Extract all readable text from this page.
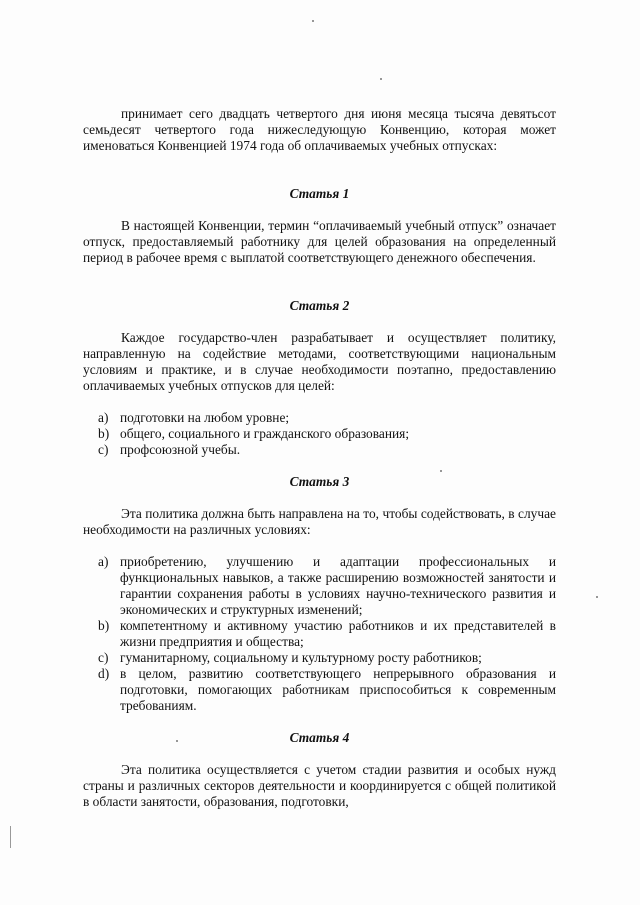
принимает сего двадцать четвертого дня июня месяца тысяча девятьсот семьдесят четвертого года нижеследующую Конвенцию, которая может именоваться Конвенцией 1974 года об оплачиваемых учебных отпусках:

Статья 1

В настоящей Конвенции, термин “оплачиваемый учебный отпуск” означает отпуск, предоставляемый работнику для целей образования на определенный период в рабочее время с выплатой соответствующего денежного обеспечения.

Статья 2

Каждое государство-член разрабатывает и осуществляет политику, направленную на содействие методами, соответствующими национальным условиям и практике, и в случае необходимости поэтапно, предоставлению оплачиваемых учебных отпусков для целей:

a) подготовки на любом уровне;
b) общего, социального и гражданского образования;
c) профсоюзной учебы.
Статья 3

Эта политика должна быть направлена на то, чтобы содействовать, в случае необходимости на различных условиях:

a) приобретению, улучшению и адаптации профессиональных и функциональных навыков, а также расширению возможностей занятости и гарантии сохранения работы в условиях научно-технического развития и экономических и структурных изменений;
b) компетентному и активному участию работников и их представителей в жизни предприятия и общества;
c) гуманитарному, социальному и культурному росту работников;
d) в целом, развитию соответствующего непрерывного образования и подготовки, помогающих работникам приспособиться к современным требованиям.
Статья 4

Эта политика осуществляется с учетом стадии развития и особых нужд страны и различных секторов деятельности и координируется с общей политикой в области занятости, образования, подготовки,
